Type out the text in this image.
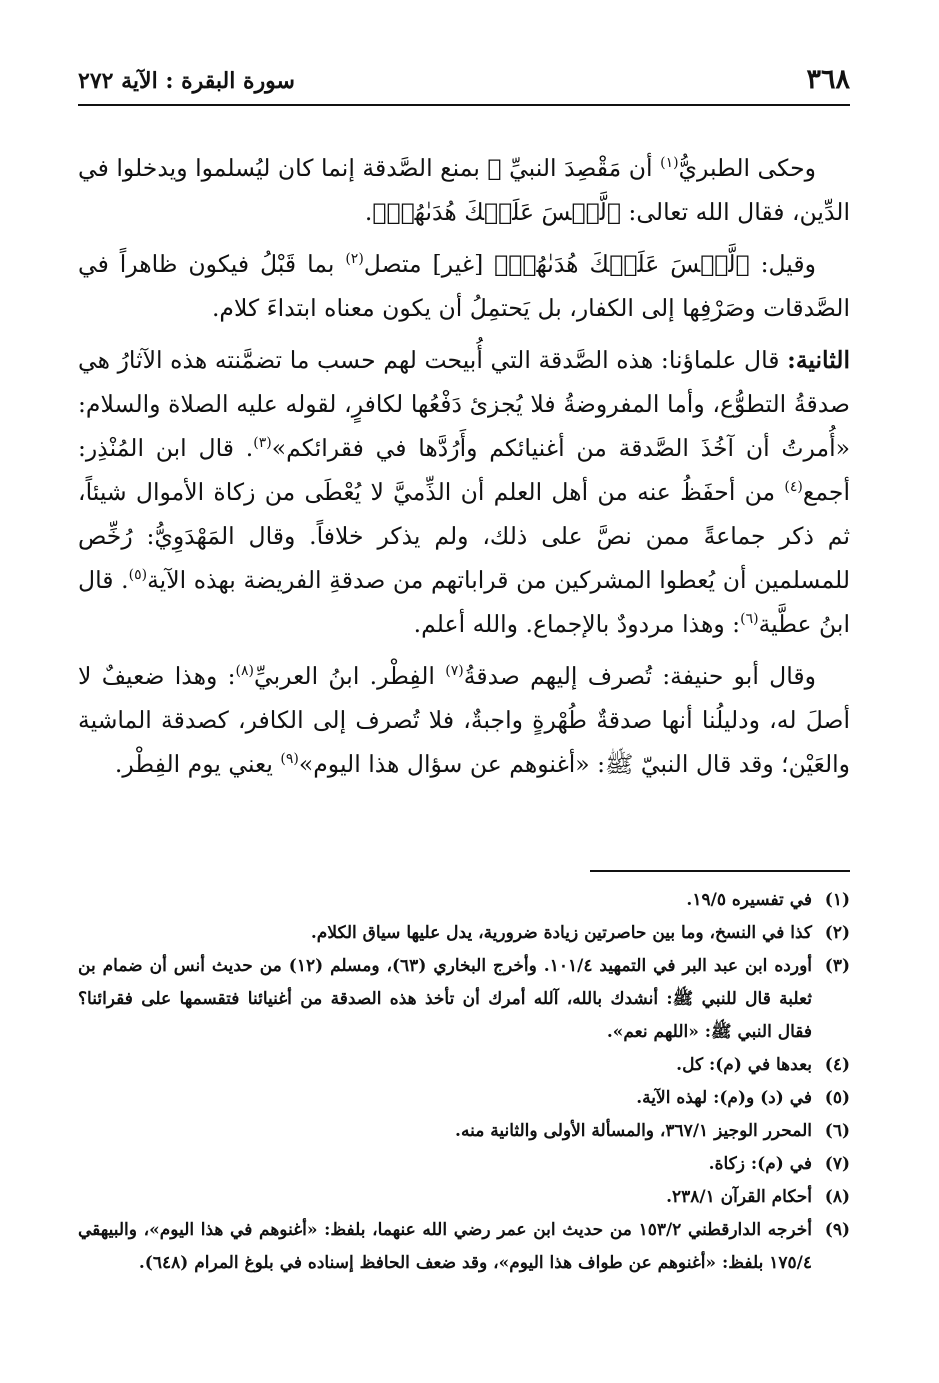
٣٦٨
سورة البقرة : الآية ٢٧٢

وحكى الطبريُّ$^{(١)}$ أن مَقْصِدَ النبيِّ ﷺ بمنع الصَّدقة إنما كان ليُسلموا ويدخلوا في الدِّين، فقال الله تعالى: ﴿لَّيۡسَ عَلَيۡكَ هُدَىٰهُمۡ﴾.

وقيل: ﴿لَّيۡسَ عَلَيۡكَ هُدَىٰهُمۡ﴾ [غير] متصل$^{(٢)}$ بما قَبْلُ فيكون ظاهراً في الصَّدقات وصَرْفِها إلى الكفار، بل يَحتمِلُ أن يكون معناه ابتداءَ كلام.

الثانية: قال علماؤنا: هذه الصَّدقة التي أُبيحت لهم حسب ما تضمَّنته هذه الآثارُ هي صدقةُ التطوُّع، وأما المفروضةُ فلا يُجزئ دَفْعُها لكافرٍ، لقوله عليه الصلاة والسلام: «أُمرتُ أن آخُذَ الصَّدقة من أغنيائكم وأَرُدَّها في فقرائكم»$^{(٣)}$. قال ابن المُنْذِر: أجمع$^{(٤)}$ من أحفَظُ عنه من أهل العلم أن الذِّميَّ لا يُعْطَى من زكاة الأموال شيئاً، ثم ذكر جماعةً ممن نصَّ على ذلك، ولم يذكر خلافاً. وقال المَهْدَوِيُّ: رُخِّص للمسلمين أن يُعطوا المشركين من قراباتهم من صدقةِ الفريضة بهذه الآية$^{(٥)}$. قال ابنُ عطَّية$^{(٦)}$: وهذا مردودٌ بالإجماع. والله أعلم.

وقال أبو حنيفة: تُصرف إليهم صدقةُ$^{(٧)}$ الفِطْر. ابنُ العربيِّ$^{(٨)}$: وهذا ضعيفٌ لا أصلَ له، ودليلُنا أنها صدقةٌ طُهْرةٍ واجبةٌ، فلا تُصرف إلى الكافر، كصدقة الماشية والعَيْن؛ وقد قال النبيّ ﷺ: «أغنوهم عن سؤال هذا اليوم»$^{(٩)}$ يعني يوم الفِطْر.

(١)
في تفسيره ١٩/٥.
(٢)
كذا في النسخ، وما بين حاصرتين زيادة ضرورية، يدل عليها سياق الكلام.
(٣)
أورده ابن عبد البر في التمهيد ١٠١/٤. وأخرج البخاري (٦٣)، ومسلم (١٢) من حديث أنس أن ضمام بن ثعلبة قال للنبي ﷺ: أنشدك بالله، آلله أمرك أن تأخذ هذه الصدقة من أغنيائنا فتقسمها على فقرائنا؟ فقال النبي ﷺ: «اللهم نعم».
(٤)
بعدها في (م): كل.
(٥)
في (د) و(م): لهذه الآية.
(٦)
المحرر الوجيز ٣٦٧/١، والمسألة الأولى والثانية منه.
(٧)
في (م): زكاة.
(٨)
أحكام القرآن ٢٣٨/١.
(٩)
أخرجه الدارقطني ١٥٣/٢ من حديث ابن عمر رضي الله عنهما، بلفظ: «أغنوهم في هذا اليوم»، والبيهقي ١٧٥/٤ بلفظ: «أغنوهم عن طواف هذا اليوم»، وقد ضعف الحافظ إسناده في بلوغ المرام (٦٤٨).
